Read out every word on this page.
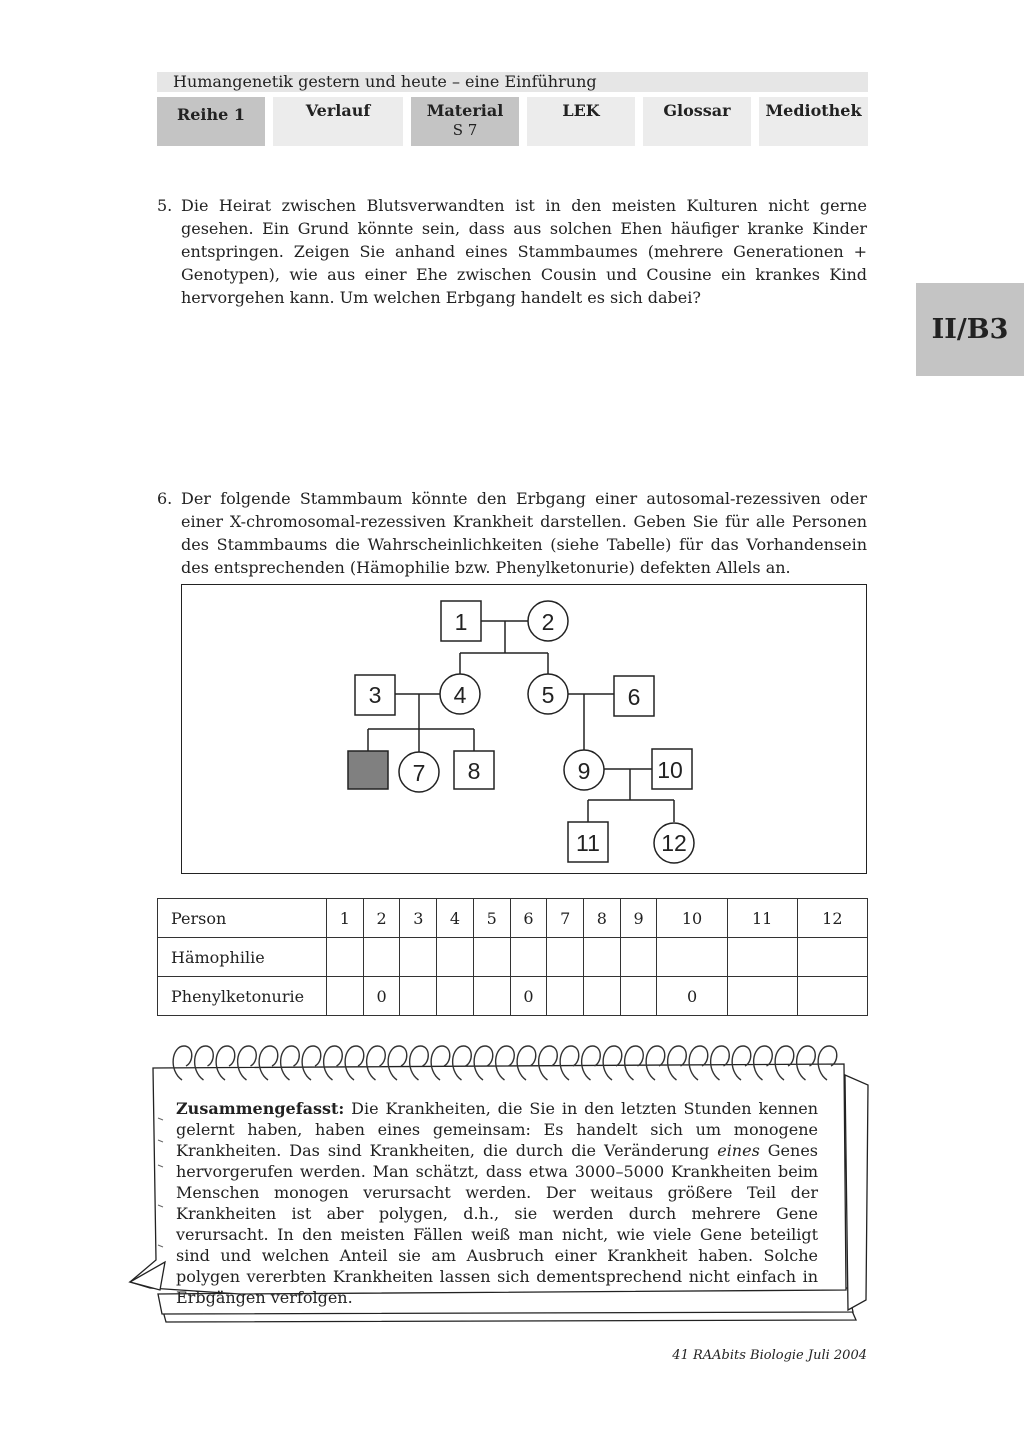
Humangenetik gestern und heute – eine Einführung
Reihe 1	Verlauf	Material
S 7
LEK	Glossar	Mediothek
II/B3
5. Die Heirat zwischen Blutsverwandten ist in den meisten Kulturen nicht gerne gesehen. Ein Grund könnte sein, dass aus solchen Ehen häufiger kranke Kinder entspringen. Zeigen Sie anhand eines Stammbaumes (mehrere Generationen + Genotypen), wie aus einer Ehe zwischen Cousin und Cousine ein krankes Kind hervorgehen kann. Um welchen Erbgang handelt es sich dabei?
6. Der folgende Stammbaum könnte den Erbgang einer autosomal-rezessiven oder einer X-chromosomal-rezessiven Krankheit darstellen. Geben Sie für alle Personen des Stammbaums die Wahrscheinlichkeiten (siehe Tabelle) für das Vorhandensein des entsprechenden (Hämophilie bzw. Phenylketonurie) defekten Allels an.
1	2
3	4	5	6
7 8	9	10
11	12
Person	1	2	3	4	5	6	7	8	9	10	11	12
Hämophilie												
Phenylketonurie		0				0				0		
Zusammengefasst: Die Krankheiten, die Sie in den letzten Stunden kennen gelernt haben, haben eines gemeinsam: Es handelt sich um monogene Krankheiten. Das sind Krankheiten, die durch die Veränderung eines Genes hervorgerufen werden. Man schätzt, dass etwa 3000–5000 Krankheiten beim Menschen monogen verursacht werden. Der weitaus größere Teil der Krankheiten ist aber polygen, d.h., sie werden durch mehrere Gene verursacht. In den meisten Fällen weiß man nicht, wie viele Gene beteiligt sind und welchen Anteil sie am Ausbruch einer Krankheit haben. Solche polygen vererbten Krankheiten lassen sich dementsprechend nicht einfach in Erbgängen verfolgen.
41 RAAbits Biologie Juli 2004
